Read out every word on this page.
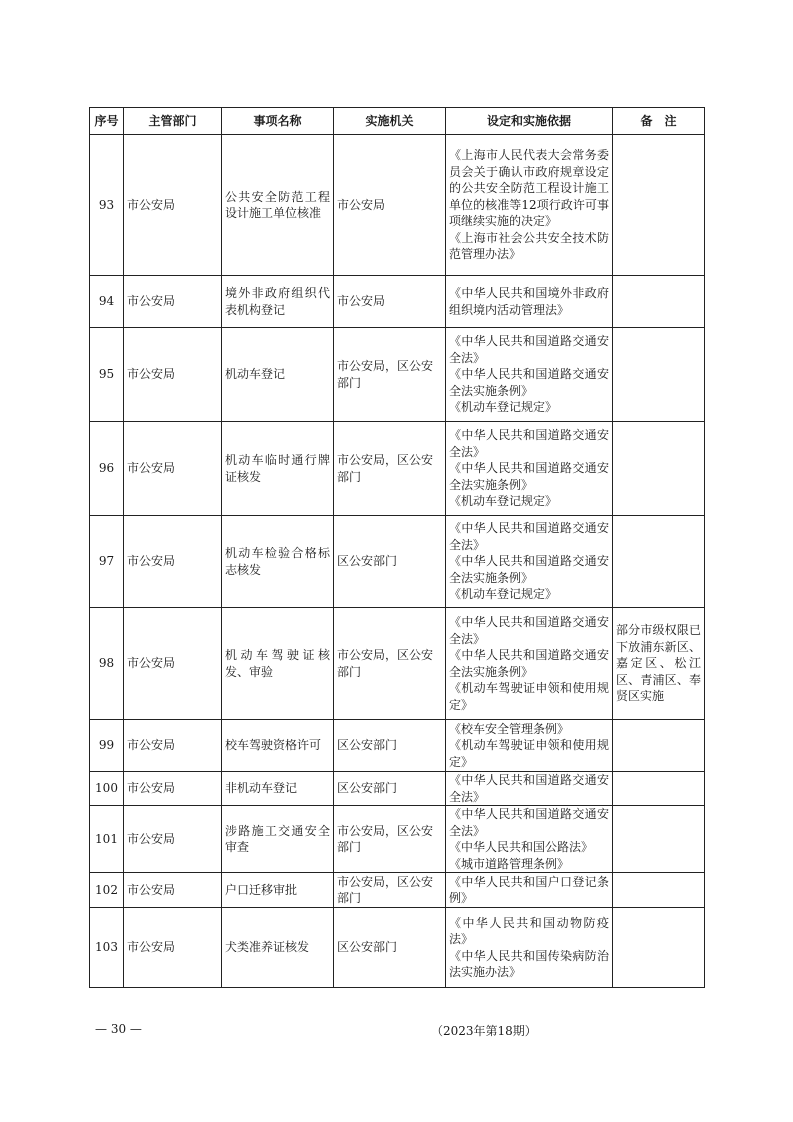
序号	主管部门	事项名称	实施机关	设定和实施依据	备　注
93	市公安局	公共安全防范工程设计施工单位核准	市公安局	《上海市人民代表大会常务委员会关于确认市政府规章设定的公共安全防范工程设计施工单位的核准等12项行政许可事项继续实施的决定》
《上海市社会公共安全技术防范管理办法》	

94	市公安局	境外非政府组织代表机构登记	市公安局	《中华人民共和国境外非政府组织境内活动管理法》	

95	市公安局	机动车登记	市公安局，区公安部门	《中华人民共和国道路交通安全法》
《中华人民共和国道路交通安全法实施条例》
《机动车登记规定》	

96	市公安局	机动车临时通行牌证核发	市公安局，区公安部门	《中华人民共和国道路交通安全法》
《中华人民共和国道路交通安全法实施条例》
《机动车登记规定》	

97	市公安局	机动车检验合格标志核发	区公安部门	《中华人民共和国道路交通安全法》
《中华人民共和国道路交通安全法实施条例》
《机动车登记规定》	

98	市公安局	机动车驾驶证核发、审验	市公安局，区公安部门	《中华人民共和国道路交通安全法》
《中华人民共和国道路交通安全法实施条例》
《机动车驾驶证申领和使用规定》	部分市级权限已下放浦东新区、嘉定区、松江区、青浦区、奉贤区实施
99	市公安局	校车驾驶资格许可	区公安部门	《校车安全管理条例》
《机动车驾驶证申领和使用规定》	

100	市公安局	非机动车登记	区公安部门	《中华人民共和国道路交通安全法》	

101	市公安局	涉路施工交通安全审查	市公安局，区公安部门	《中华人民共和国道路交通安全法》
《中华人民共和国公路法》
《城市道路管理条例》	

102	市公安局	户口迁移审批	市公安局，区公安部门	《中华人民共和国户口登记条例》	

103	市公安局	犬类准养证核发	区公安部门	《中华人民共和国动物防疫法》
《中华人民共和国传染病防治法实施办法》	

— 30 —	（2023年第18期）
